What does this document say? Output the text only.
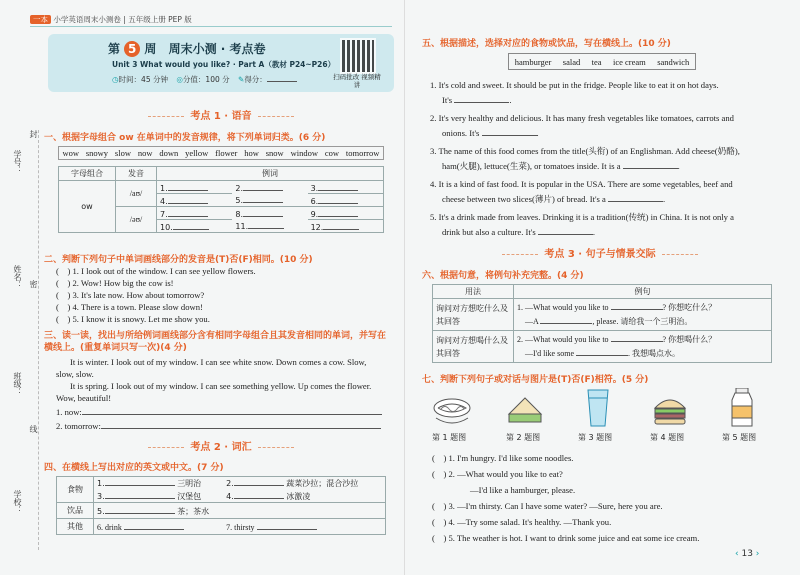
一本 小学英语周末小测卷 | 五年级上册 PEP 版
学号：
封
姓名： 密
班级：
线
学校：
第 5 周 周末小测 · 考点卷
Unit 3 What would you like? · Part A（教材 P24~P26）
◷时间：45 分钟 ◎分值：100 分 ✎得分：	扫码批改 视频精讲
考点 1 · 语音
一、根据字母组合 ow 在单词中的发音规律，将下列单词归类。(6 分)
wow snowy slow now down yellow flower how snow window cow tomorrow
字母组合	发音	例词		
ow	/aʊ/	1.	2.	3.
		4.	5.	6.
	/əʊ/	7.	8.	9.
		10.	11.	12.
二、判断下列句子中单词画线部分的发音是(T)否(F)相同。(10 分)
(    ) 1. I look out of the window. I can see yellow flowers.
(    ) 2. Wow! How big the cow is!
(    ) 3. It's late now. How about tomorrow?
(    ) 4. There is a town. Please slow down!
(    ) 5. I know it is snowy. Let me show you.
三、读一读，找出与所给例词画线部分含有相同字母组合且其发音相同的单词，并写在横线上。(重复单词只写一次)(4 分)
It is winter. I look out of my window. I can see white snow. Down comes a cow. Slow,
slow, slow.
It is spring. I look out of my window. I can see something yellow. Up comes the flower.
Wow, beautiful!
1. now:
2. tomorrow:
考点 2 · 词汇
四、在横线上写出对应的英文或中文。(7 分)
食物	1. 三明治	2. 蔬菜沙拉；混合沙拉
	3. 汉堡包	4. 冰激凌
饮品	5. 茶；茶水	
其他	6. drink	7. thirsty
五、根据描述，选择对应的食物或饮品，写在横线上。(10 分)
hamburger salad tea ice cream sandwich
1. It's cold and sweet. It should be put in the fridge. People like to eat it on hot days.
It's	.
2. It's very healthy and delicious. It has many fresh vegetables like tomatoes, carrots and
onions. It's	.
3. The name of this food comes from the title(头衔) of an Englishman. Add cheese(奶酪),
ham(火腿), lettuce(生菜), or tomatoes inside. It is a	.
4. It is a kind of fast food. It is popular in the USA. There are some vegetables, beef and
cheese between two slices(薄片) of bread. It's a	.
5. It's a drink made from leaves. Drinking it is a tradition(传统) in China. It is not only a
drink but also a culture. It's	.
考点 3 · 句子与情景交际
六、根据句意，将例句补充完整。(4 分)
用法	例句
询问对方想吃什么及其回答	1. —What would you like to ? 你想吃什么？
—A , please. 请给我一个三明治。

询问对方想喝什么及其回答	2. —What would you like to ? 你想喝什么？
—I'd like some . 我想喝点水。
七、判断下列句子或对话与图片是(T)否(F)相符。(5 分)
第 1 题图	第 2 题图	第 3 题图	第 4 题图	第 5 题图
(    ) 1. I'm hungry. I'd like some noodles.
(    ) 2. —What would you like to eat?
—I'd like a hamburger, please.
(    ) 3. —I'm thirsty. Can I have some water? —Sure, here you are.
(    ) 4. —Try some salad. It's healthy. —Thank you.
(    ) 5. The weather is hot. I want to drink some juice and eat some ice cream.
‹ 13 ›
